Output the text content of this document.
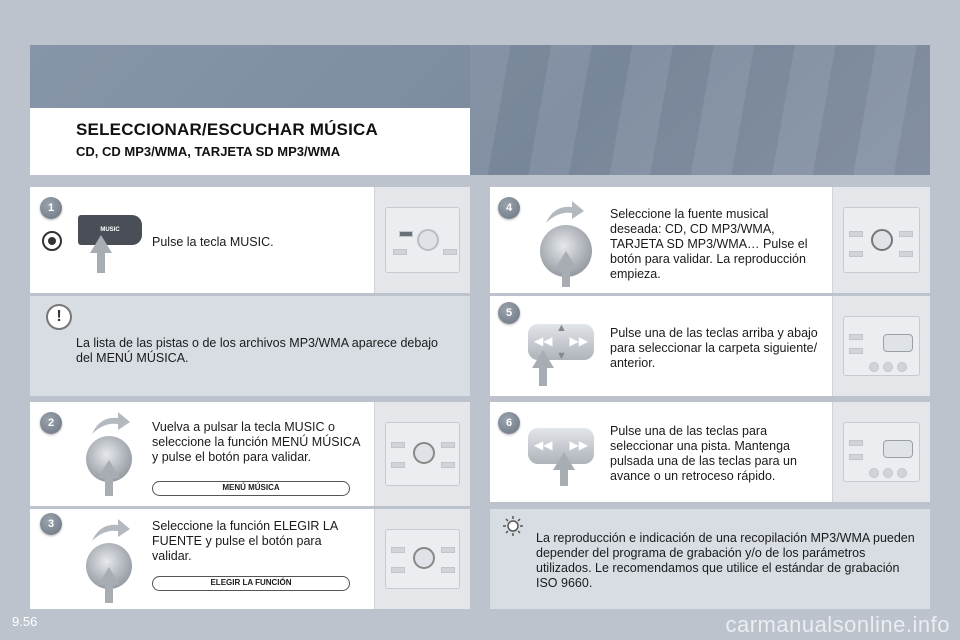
SELECCIONAR/ESCUCHAR MÚSICA
CD, CD MP3/WMA, TARJETA SD MP3/WMA
1
MUSIC
Pulse la tecla MUSIC.
!
La lista de las pistas o de los archivos MP3/WMA aparece debajo del MENÚ MÚSICA.
2	Vuelva a pulsar la tecla MUSIC o seleccione la función MENÚ MÚSICA y pulse el botón para validar.
MENÚ MÚSICA
3	Seleccione la función ELEGIR LA FUENTE y pulse el botón para validar.
ELEGIR LA FUNCIÓN
4	Seleccione la fuente musical deseada: CD, CD MP3/WMA, TARJETA SD MP3/WMA… Pulse el botón para validar. La reproducción empieza.
5
◀◀ ▶▶
▲
▼
Pulse una de las teclas arriba y abajo para seleccionar la carpeta siguiente/ anterior.
6
◀◀ ▶▶
Pulse una de las teclas para seleccionar una pista. Mantenga pulsada una de las teclas para un avance o un retroceso rápido.
La reproducción e indicación de una recopilación MP3/WMA pueden depender del programa de grabación y/o de los parámetros utilizados. Le recomendamos que utilice el estándar de grabación ISO 9660.
9.56	carmanualsonline.info
